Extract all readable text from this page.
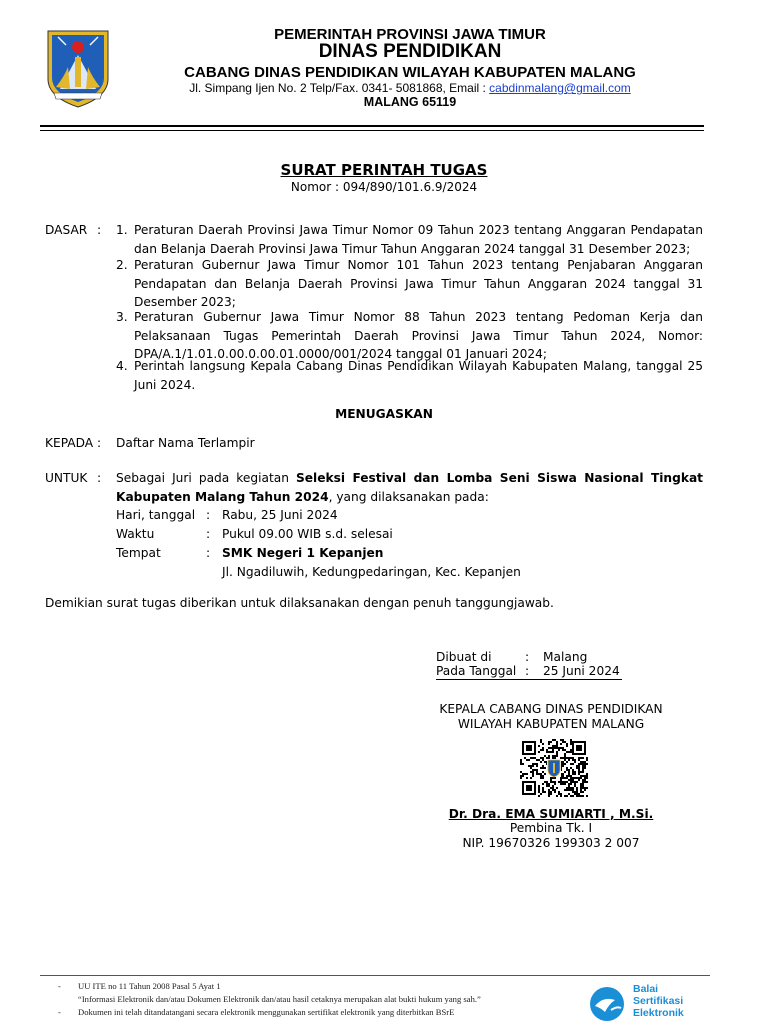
PEMERINTAH PROVINSI JAWA TIMUR
DINAS PENDIDIKAN
CABANG DINAS PENDIDIKAN WILAYAH KABUPATEN MALANG
Jl. Simpang Ijen No. 2 Telp/Fax. 0341- 5081868, Email : cabdinmalang@gmail.com
MALANG 65119
SURAT PERINTAH TUGAS
Nomor : 094/890/101.6.9/2024
DASAR : 1. Peraturan Daerah Provinsi Jawa Timur Nomor 09 Tahun 2023 tentang Anggaran Pendapatan dan Belanja Daerah Provinsi Jawa Timur Tahun Anggaran 2024 tanggal 31 Desember 2023;
2. Peraturan Gubernur Jawa Timur Nomor 101 Tahun 2023 tentang Penjabaran Anggaran Pendapatan dan Belanja Daerah Provinsi Jawa Timur Tahun Anggaran 2024 tanggal 31 Desember 2023;
3. Peraturan Gubernur Jawa Timur Nomor 88 Tahun 2023 tentang Pedoman Kerja dan Pelaksanaan Tugas Pemerintah Daerah Provinsi Jawa Timur Tahun 2024, Nomor: DPA/A.1/1.01.0.00.0.00.01.0000/001/2024 tanggal 01 Januari 2024;
4. Perintah langsung Kepala Cabang Dinas Pendidikan Wilayah Kabupaten Malang, tanggal 25 Juni 2024.
MENUGASKAN
KEPADA : Daftar Nama Terlampir
UNTUK : Sebagai Juri pada kegiatan Seleksi Festival dan Lomba Seni Siswa Nasional Tingkat Kabupaten Malang Tahun 2024, yang dilaksanakan pada:
Hari, tanggal : Rabu, 25 Juni 2024
Waktu	: Pukul 09.00 WIB s.d. selesai
Tempat	: SMK Negeri 1 Kepanjen
Jl. Ngadiluwih, Kedungpedaringan, Kec. Kepanjen
Demikian surat tugas diberikan untuk dilaksanakan dengan penuh tanggungjawab.
Dibuat di	: Malang
Pada Tanggal : 25 Juni 2024
KEPALA CABANG DINAS PENDIDIKAN
WILAYAH KABUPATEN MALANG
Dr. Dra. EMA SUMIARTI , M.Si.
Pembina Tk. I
NIP. 19670326 199303 2 007
- UU ITE no 11 Tahun 2008 Pasal 5 Ayat 1
“Informasi Elektronik dan/atau Dokumen Elektronik dan/atau hasil cetaknya merupakan alat bukti hukum yang sah.”
- Dokumen ini telah ditandatangani secara elektronik menggunakan sertifikat elektronik yang diterbitkan BSrE
Balai
Sertifikasi
Elektronik
